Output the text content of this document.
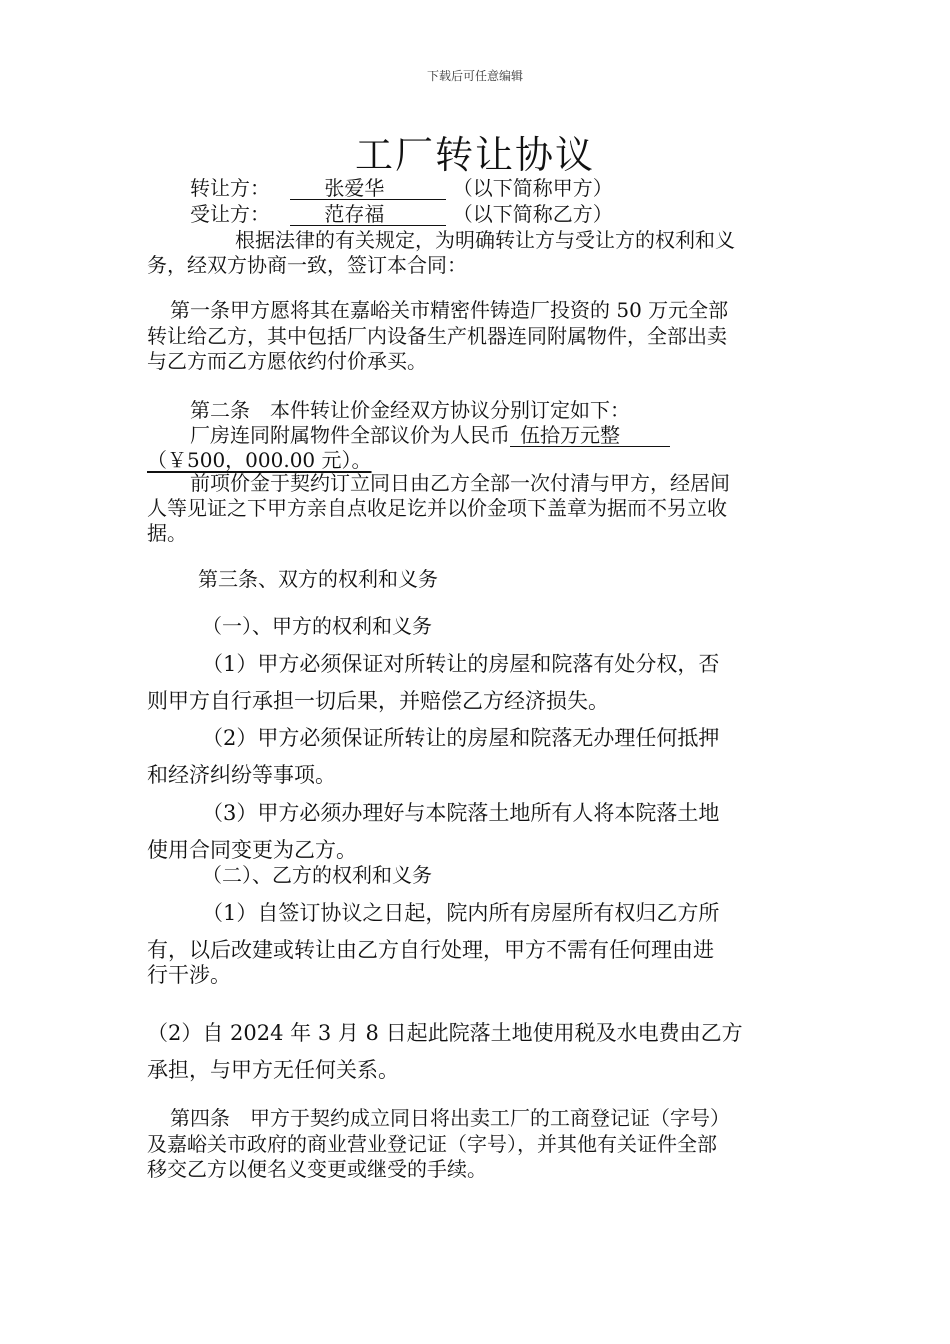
下载后可任意编辑
工厂转让协议
转让方：	张爱华	（以下简称甲方）
受让方：	范存福	（以下简称乙方）
根据法律的有关规定，为明确转让方与受让方的权利和义
务，经双方协商一致，签订本合同：
第一条甲方愿将其在嘉峪关市精密件铸造厂投资的 50 万元全部
转让给乙方，其中包括厂内设备生产机器连同附属物件，全部出卖
与乙方而乙方愿依约付价承买。
第二条　本件转让价金经双方协议分别订定如下：
厂房连同附属物件全部议价为人民币 伍拾万元整
（￥500，000.00 元）。
前项价金于契约订立同日由乙方全部一次付清与甲方，经居间
人等见证之下甲方亲自点收足讫并以价金项下盖章为据而不另立收
据。
第三条、双方的权利和义务
（一）、甲方的权利和义务
（1）甲方必须保证对所转让的房屋和院落有处分权，否
则甲方自行承担一切后果，并赔偿乙方经济损失。
（2）甲方必须保证所转让的房屋和院落无办理任何抵押
和经济纠纷等事项。
（3）甲方必须办理好与本院落土地所有人将本院落土地
使用合同变更为乙方。
（二）、乙方的权利和义务
（1）自签订协议之日起，院内所有房屋所有权归乙方所
有，以后改建或转让由乙方自行处理，甲方不需有任何理由进
行干涉。
（2）自 2024 年 3 月 8 日起此院落土地使用税及水电费由乙方
承担，与甲方无任何关系。
第四条　甲方于契约成立同日将出卖工厂的工商登记证（字号）
及嘉峪关市政府的商业营业登记证（字号），并其他有关证件全部
移交乙方以便名义变更或继受的手续。
